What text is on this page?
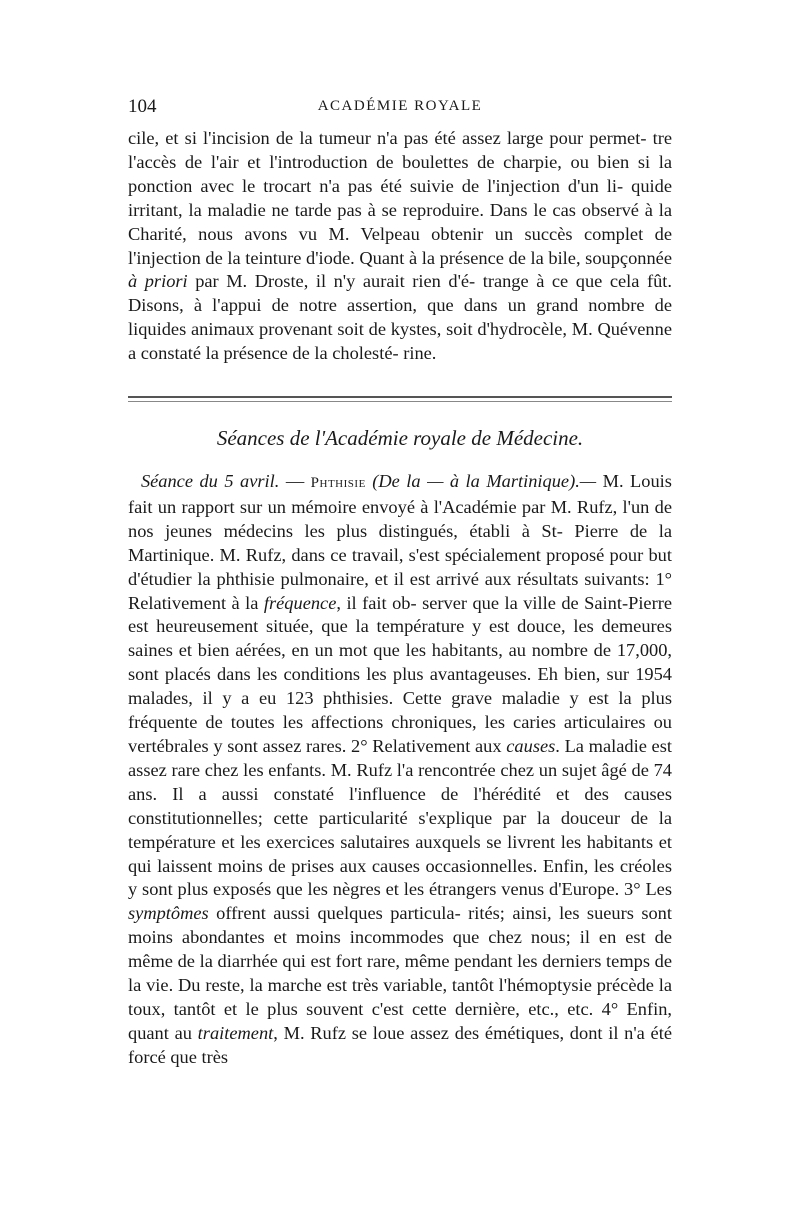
104	ACADÉMIE ROYALE
cile, et si l'incision de la tumeur n'a pas été assez large pour permet- tre l'accès de l'air et l'introduction de boulettes de charpie, ou bien si la ponction avec le trocart n'a pas été suivie de l'injection d'un li- quide irritant, la maladie ne tarde pas à se reproduire. Dans le cas observé à la Charité, nous avons vu M. Velpeau obtenir un succès complet de l'injection de la teinture d'iode. Quant à la présence de la bile, soupçonnée à priori par M. Droste, il n'y aurait rien d'é- trange à ce que cela fût. Disons, à l'appui de notre assertion, que dans un grand nombre de liquides animaux provenant soit de kystes, soit d'hydrocèle, M. Quévenne a constaté la présence de la cholesté- rine.
Séances de l'Académie royale de Médecine.
Séance du 5 avril. — Phthisie (De la — à la Martinique).— M. Louis fait un rapport sur un mémoire envoyé à l'Académie par M. Rufz, l'un de nos jeunes médecins les plus distingués, établi à St- Pierre de la Martinique. M. Rufz, dans ce travail, s'est spécialement proposé pour but d'étudier la phthisie pulmonaire, et il est arrivé aux résultats suivants: 1° Relativement à la fréquence, il fait ob- server que la ville de Saint-Pierre est heureusement située, que la température y est douce, les demeures saines et bien aérées, en un mot que les habitants, au nombre de 17,000, sont placés dans les conditions les plus avantageuses. Eh bien, sur 1954 malades, il y a eu 123 phthisies. Cette grave maladie y est la plus fréquente de toutes les affections chroniques, les caries articulaires ou vertébrales y sont assez rares. 2° Relativement aux causes. La maladie est assez rare chez les enfants. M. Rufz l'a rencontrée chez un sujet âgé de 74 ans. Il a aussi constaté l'influence de l'hérédité et des causes constitutionnelles; cette particularité s'explique par la douceur de la température et les exercices salutaires auxquels se livrent les habitants et qui laissent moins de prises aux causes occasionnelles. Enfin, les créoles y sont plus exposés que les nègres et les étrangers venus d'Europe. 3° Les symptômes offrent aussi quelques particula- rités; ainsi, les sueurs sont moins abondantes et moins incommodes que chez nous; il en est de même de la diarrhée qui est fort rare, même pendant les derniers temps de la vie. Du reste, la marche est très variable, tantôt l'hémoptysie précède la toux, tantôt et le plus souvent c'est cette dernière, etc., etc. 4° Enfin, quant au traitement, M. Rufz se loue assez des émétiques, dont il n'a été forcé que très
